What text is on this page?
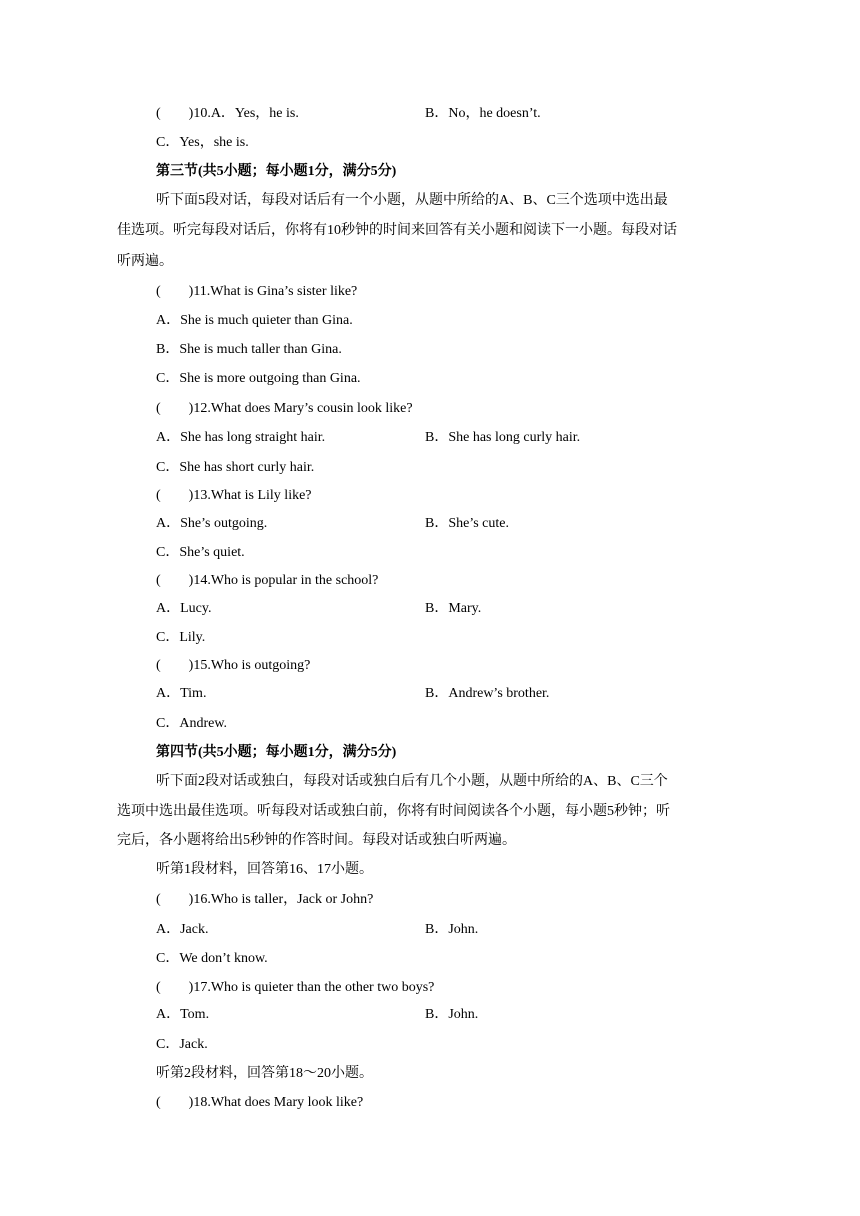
(　　)10.A．Yes，he is.	B．No，he doesn’t.
C．Yes，she is.
第三节(共5小题；每小题1分，满分5分)
听下面5段对话，每段对话后有一个小题，从题中所给的A、B、C三个选项中选出最
佳选项。听完每段对话后，你将有10秒钟的时间来回答有关小题和阅读下一小题。每段对话
听两遍。
(　　)11.What is Gina’s sister like?
A．She is much quieter than Gina.
B．She is much taller than Gina.
C．She is more outgoing than Gina.
(　　)12.What does Mary’s cousin look like?
A．She has long straight hair.	B．She has long curly hair.
C．She has short curly hair.
(　　)13.What is Lily like?
A．She’s outgoing.	B．She’s cute.
C．She’s quiet.
(　　)14.Who is popular in the school?
A．Lucy.	B．Mary.
C．Lily.
(　　)15.Who is outgoing?
A．Tim.	B．Andrew’s brother.
C．Andrew.
第四节(共5小题；每小题1分，满分5分)
听下面2段对话或独白，每段对话或独白后有几个小题，从题中所给的A、B、C三个
选项中选出最佳选项。听每段对话或独白前，你将有时间阅读各个小题，每小题5秒钟；听
完后，各小题将给出5秒钟的作答时间。每段对话或独白听两遍。
听第1段材料，回答第16、17小题。
(　　)16.Who is taller，Jack or John?
A．Jack.	B．John.
C．We don’t know.
(　　)17.Who is quieter than the other two boys?
A．Tom.	B．John.
C．Jack.
听第2段材料，回答第18～20小题。
(　　)18.What does Mary look like?
